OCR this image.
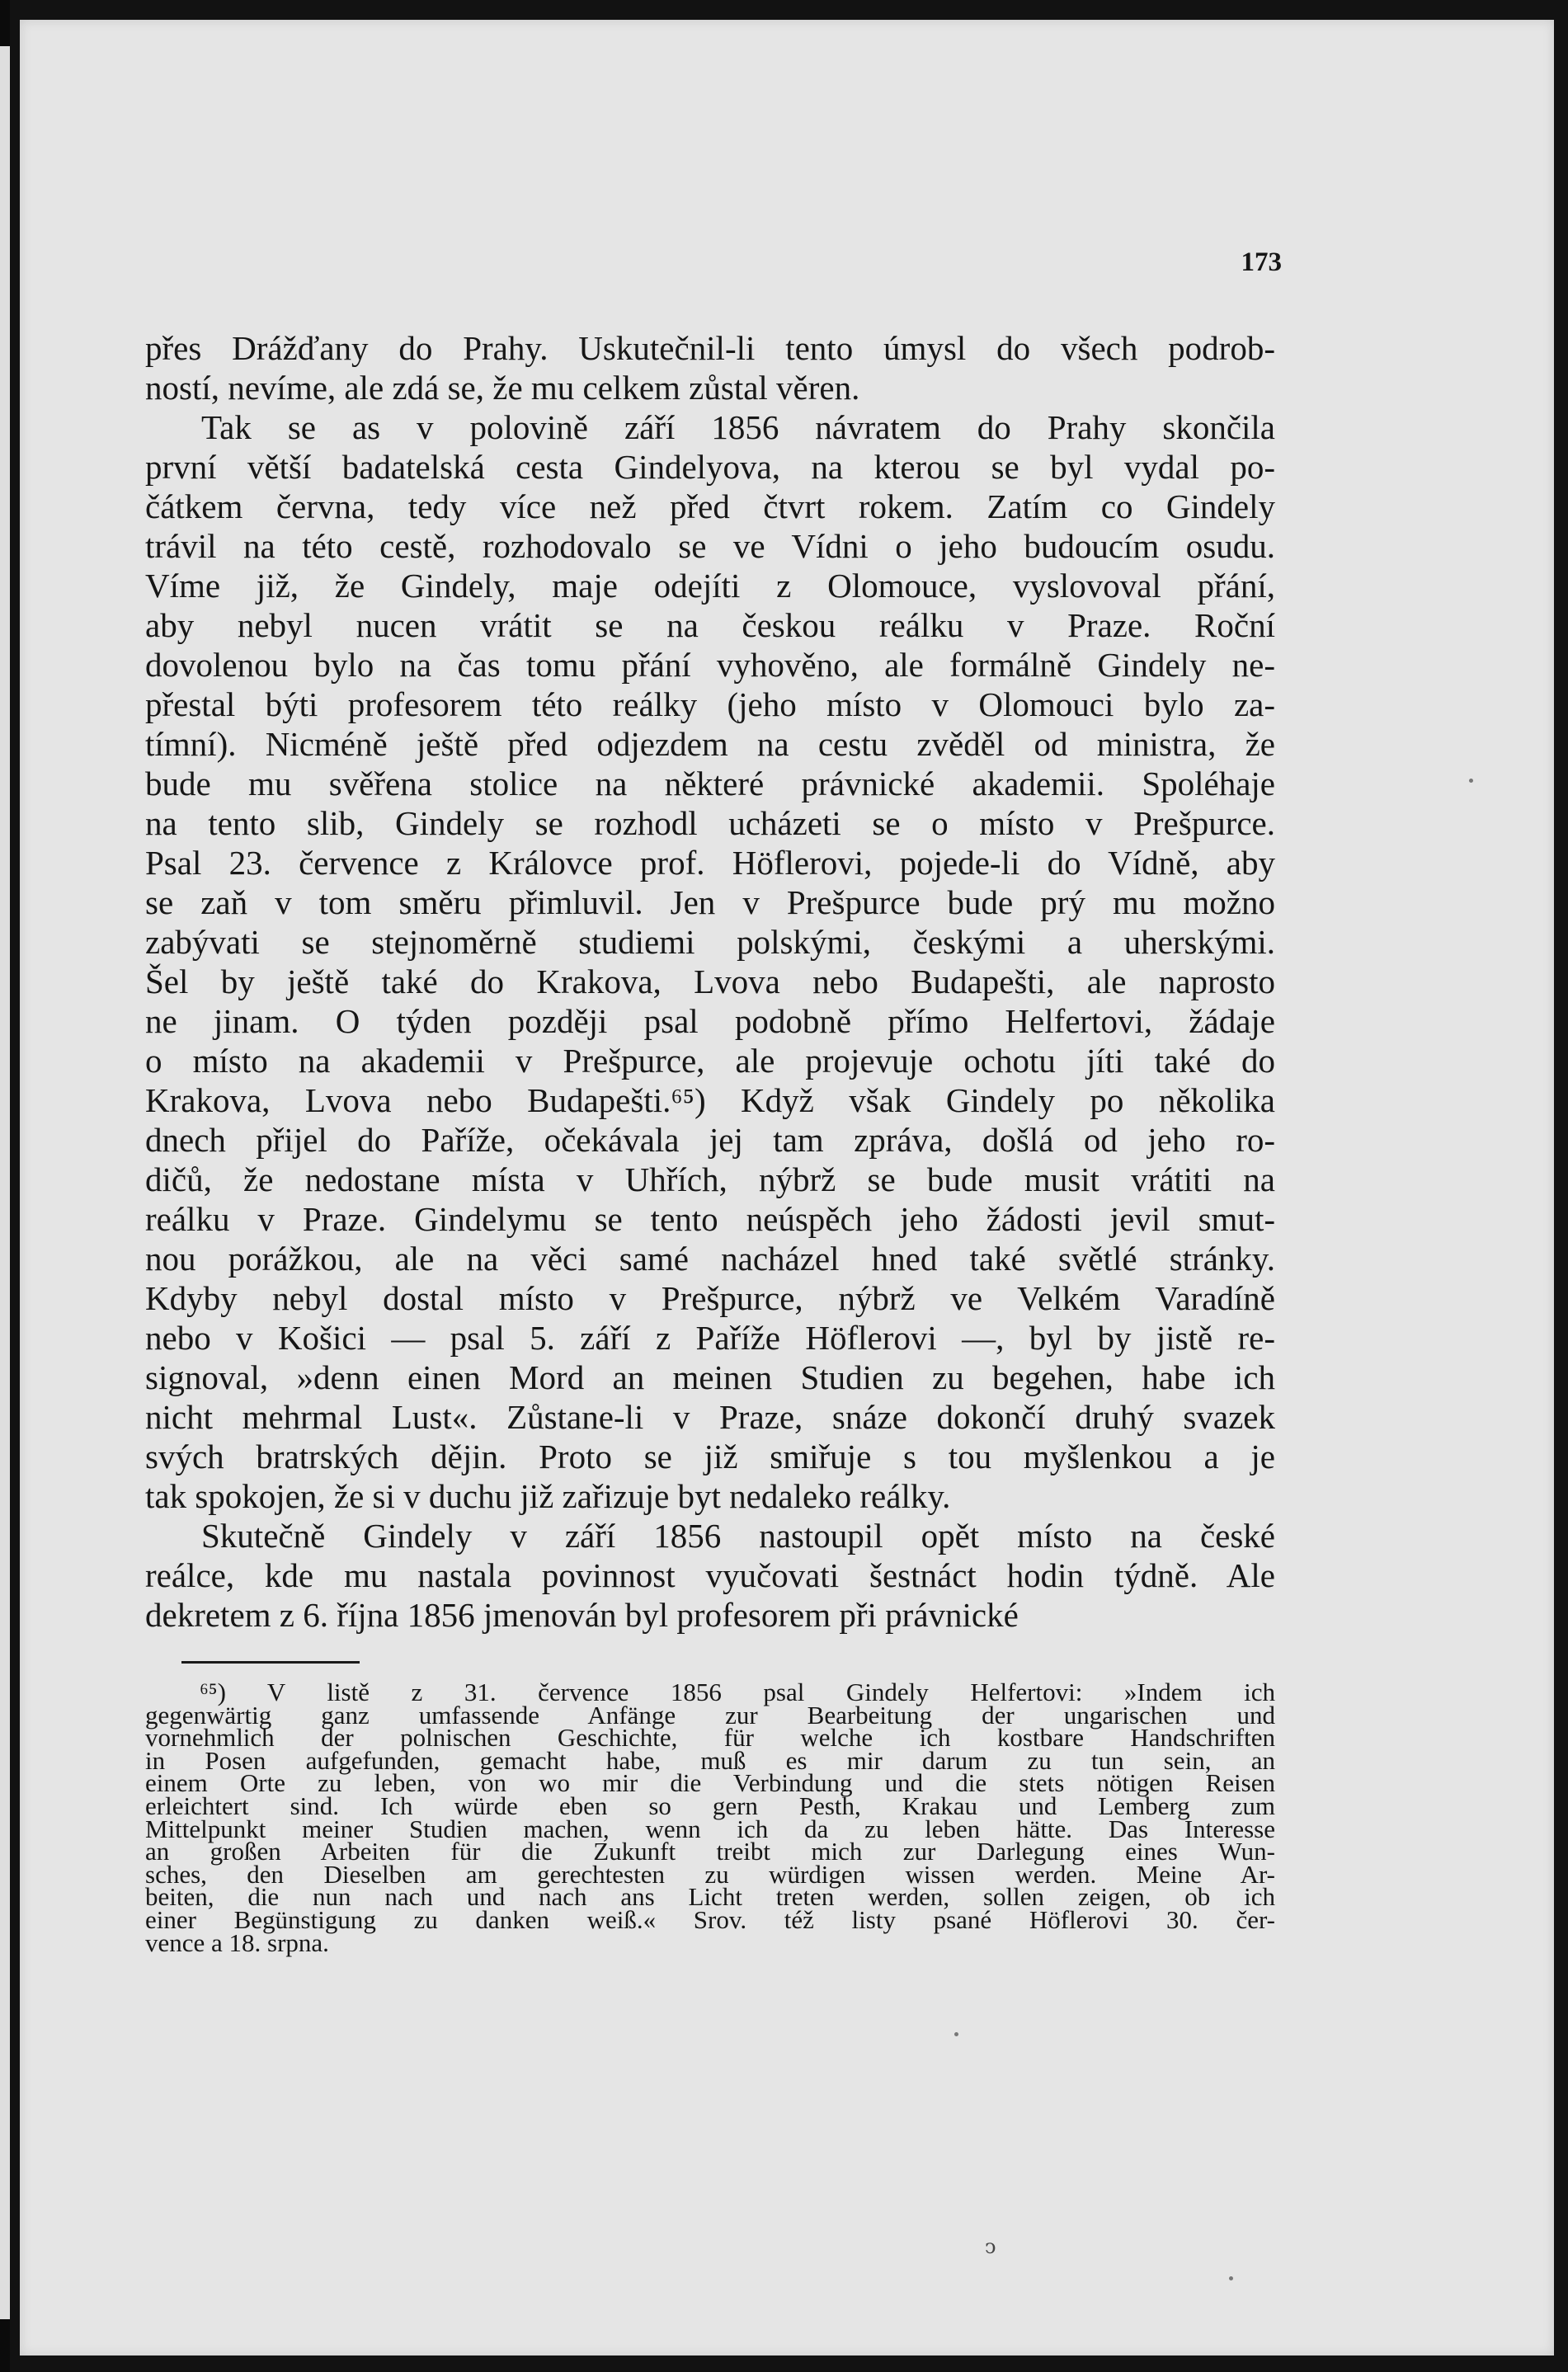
173
přes Drážďany do Prahy. Uskutečnil-li tento úmysl do všech podrob-
ností, nevíme, ale zdá se, že mu celkem zůstal věren.
Tak se as v polovině září 1856 návratem do Prahy skončila
první větší badatelská cesta Gindelyova, na kterou se byl vydal po-
čátkem června, tedy více než před čtvrt rokem. Zatím co Gindely
trávil na této cestě, rozhodovalo se ve Vídni o jeho budoucím osudu.
Víme již, že Gindely, maje odejíti z Olomouce, vyslovoval přání,
aby nebyl nucen vrátit se na českou reálku v Praze. Roční
dovolenou bylo na čas tomu přání vyhověno, ale formálně Gindely ne-
přestal býti profesorem této reálky (jeho místo v Olomouci bylo za-
tímní). Nicméně ještě před odjezdem na cestu zvěděl od ministra, že
bude mu svěřena stolice na některé právnické akademii. Spoléhaje
na tento slib, Gindely se rozhodl ucházeti se o místo v Prešpurce.
Psal 23. července z Královce prof. Höflerovi, pojede-li do Vídně, aby
se zaň v tom směru přimluvil. Jen v Prešpurce bude prý mu možno
zabývati se stejnoměrně studiemi polskými, českými a uherskými.
Šel by ještě také do Krakova, Lvova nebo Budapešti, ale naprosto
ne jinam. O týden později psal podobně přímo Helfertovi, žádaje
o místo na akademii v Prešpurce, ale projevuje ochotu jíti také do
Krakova, Lvova nebo Budapešti.⁶⁵) Když však Gindely po několika
dnech přijel do Paříže, očekávala jej tam zpráva, došlá od jeho ro-
dičů, že nedostane místa v Uhřích, nýbrž se bude musit vrátiti na
reálku v Praze. Gindelymu se tento neúspěch jeho žádosti jevil smut-
nou porážkou, ale na věci samé nacházel hned také světlé stránky.
Kdyby nebyl dostal místo v Prešpurce, nýbrž ve Velkém Varadíně
nebo v Košici — psal 5. září z Paříže Höflerovi —, byl by jistě re-
signoval, »denn einen Mord an meinen Studien zu begehen, habe ich
nicht mehrmal Lust«. Zůstane-li v Praze, snáze dokončí druhý svazek
svých bratrských dějin. Proto se již smiřuje s tou myšlenkou a je
tak spokojen, že si v duchu již zařizuje byt nedaleko reálky.
Skutečně Gindely v září 1856 nastoupil opět místo na české
reálce, kde mu nastala povinnost vyučovati šestnáct hodin týdně. Ale
dekretem z 6. října 1856 jmenován byl profesorem při právnické
⁶⁵) V listě z 31. července 1856 psal Gindely Helfertovi: »Indem ich
gegenwärtig ganz umfassende Anfänge zur Bearbeitung der ungarischen und
vornehmlich der polnischen Geschichte, für welche ich kostbare Handschriften
in Posen aufgefunden, gemacht habe, muß es mir darum zu tun sein, an
einem Orte zu leben, von wo mir die Verbindung und die stets nötigen Reisen
erleichtert sind. Ich würde eben so gern Pesth, Krakau und Lemberg zum
Mittelpunkt meiner Studien machen, wenn ich da zu leben hätte. Das Interesse
an großen Arbeiten für die Zukunft treibt mich zur Darlegung eines Wun-
sches, den Dieselben am gerechtesten zu würdigen wissen werden. Meine Ar-
beiten, die nun nach und nach ans Licht treten werden, sollen zeigen, ob ich
einer Begünstigung zu danken weiß.« Srov. též listy psané Höflerovi 30. čer-
vence a 18. srpna.
ↄ
